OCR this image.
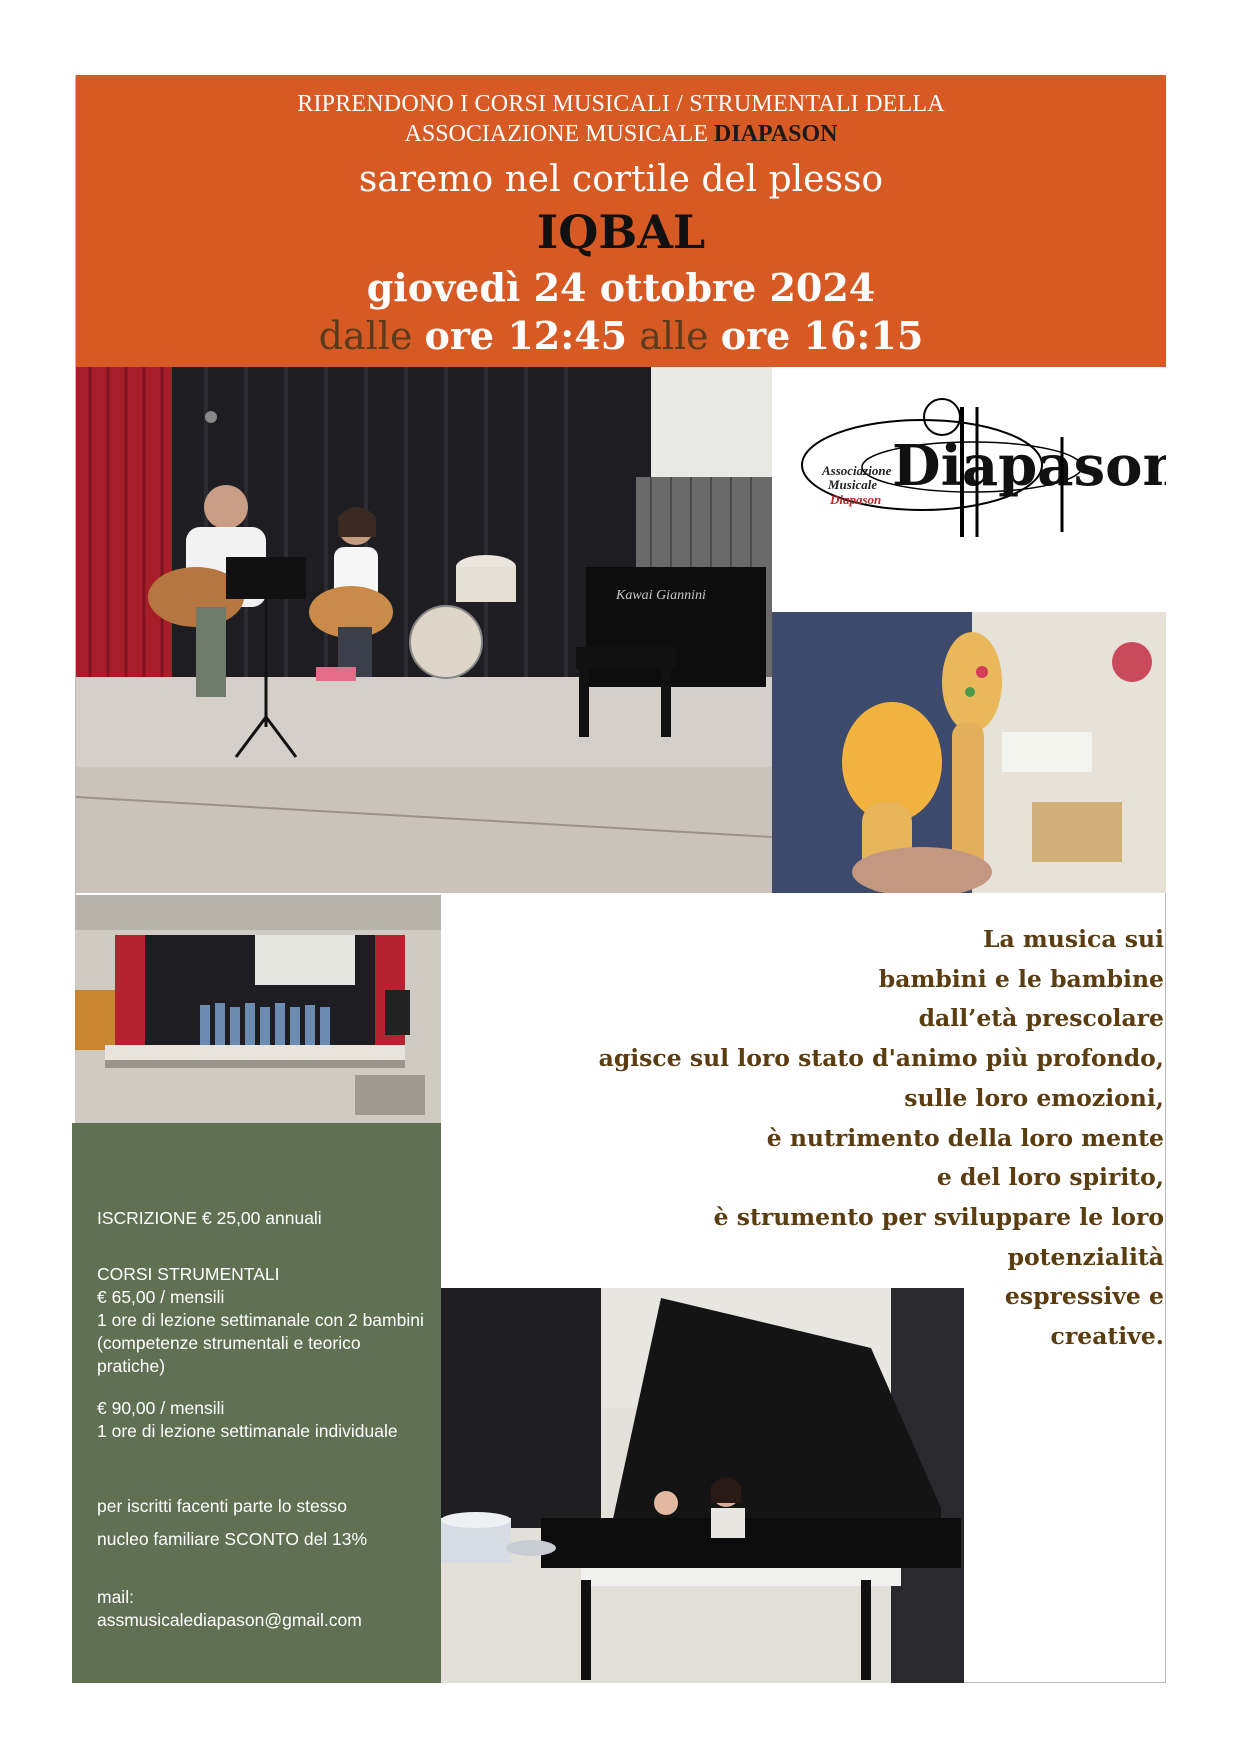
RIPRENDONO I CORSI MUSICALI / STRUMENTALI DELLA
ASSOCIAZIONE MUSICALE DIAPASON
saremo nel cortile del plesso
IQBAL
giovedì 24 ottobre 2024
dalle ore 12:45 alle ore 16:15
Kawai Giannini
Diapason
Associazione
Musicale
Diapason
ISCRIZIONE € 25,00 annuali
CORSI STRUMENTALI
€ 65,00 / mensili
1 ore di lezione settimanale con 2 bambini (competenze strumentali e teorico pratiche)
€ 90,00 / mensili
1 ore di lezione settimanale individuale
per iscritti facenti parte lo stesso
nucleo familiare SCONTO del 13%
mail:
assmusicalediapason@gmail.com
La musica sui
bambini e le bambine
dall’età prescolare
agisce sul loro stato d'animo più profondo,
sulle loro emozioni,
è nutrimento della loro mente
e del loro spirito,
è strumento per sviluppare le loro
potenzialità
espressive e
creative.
